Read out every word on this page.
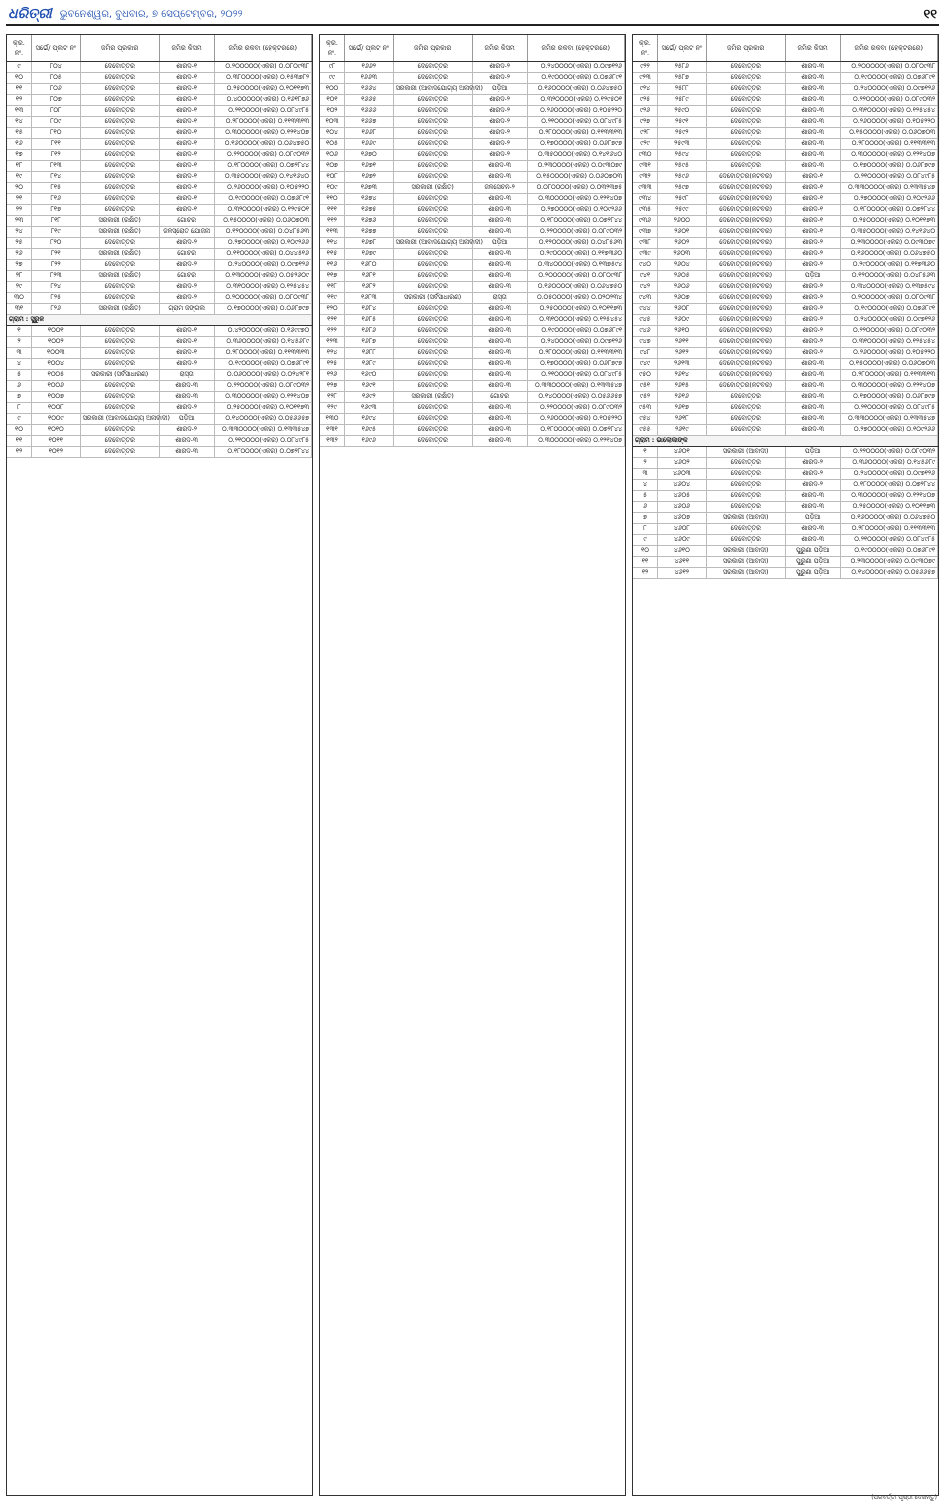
ଧରିତ୍ରୀ ଭୁବନେଶ୍ୱର, ବୁଧବାର, ୭ ସେପ୍ଟେମ୍ବର, ୨୦୨୨	୧୧
କ୍ର. ନଂ.	ସର୍ଭେ/ ପ୍ଲଟ ନଂ	ଜମିର ପ୍ରକାର	ଜମିର କିସମ	ଜମିର ରକବା (ହେକ୍ଟରରେ)
୯	୮୦୪	ଦେବୋତ୍ତର	ଶାରଦ-୧	୦.୨୦୦୦୦୦(ଏକର) ୦.୦୮୦୯୩୮
୧୦	୮୦୫	ଦେବୋତ୍ତର	ଶାରଦ-୧	୦.୩୮୦୦୦୦(ଏକର) ୦.୧୫୩୭୮୨
୧୧	୮୦୬	ଦେବୋତ୍ତର	ଶାରଦ-୧	୦.୨୫୦୦୦୦(ଏକର) ୦.୧୦୧୧୭୩
୧୨	୮୦୭	ଦେବୋତ୍ତର	ଶାରଦ-୧	୦.୪୦୦୦୦୦(ଏକର) ୦.୧୬୧୮୭୬
୧୩	୮୦୮	ଦେବୋତ୍ତର	ଶାରଦ-୧	୦.୨୧୦୦୦୦(ଏକର) ୦.୦୮୪୯୮୫
୧୪	୮୦୯	ଦେବୋତ୍ତର	ଶାରଦ-୧	୦.୨୮୦୦୦୦(ଏକର) ୦.୧୧୩୩୧୩
୧୫	୮୧୦	ଦେବୋତ୍ତର	ଶାରଦ-୧	୦.୩୦୦୦୦୦(ଏକର) ୦.୧୨୧୪୦୭
୧୬	୮୧୧	ଦେବୋତ୍ତର	ଶାରଦ-୧	୦.୧୬୦୦୦୦(ଏକର) ୦.୦୬୪୭୫୦
୧୭	୮୧୨	ଦେବୋତ୍ତର	ଶାରଦ-୧	୦.୨୨୦୦୦୦(ଏକର) ୦.୦୮୯୦୩୨
୧୮	୮୧୩	ଦେବୋତ୍ତର	ଶାରଦ-୧	୦.୧୮୦୦୦୦(ଏକର) ୦.୦୭୨୮୪୪
୧୯	୮୧୪	ଦେବୋତ୍ତର	ଶାରଦ-୧	୦.୩୫୦୦୦୦(ଏକର) ୦.୧୪୧୬୪୦
୨୦	୮୧୫	ଦେବୋତ୍ତର	ଶାରଦ-୧	୦.୨୬୦୦୦୦(ଏକର) ୦.୧୦୫୨୨୦
୨୧	୮୧୬	ଦେବୋତ୍ତର	ଶାରଦ-୧	୦.୧୯୦୦୦୦(ଏକର) ୦.୦୭୬୮୯୧
୨୨	୮୧୭	ଦେବୋତ୍ତର	ଶାରଦ-୧	୦.୩୨୦୦୦୦(ଏକର) ୦.୧୨୯୫୦୧
୨୩	୮୧୮	ସରକାରୀ (ରକ୍ଷିତ)	ଗୋଚର	୦.୧୫୦୦୦୦(ଏକର) ୦.୦୬୦୭୦୩
୨୪	୮୧୯	ସରକାରୀ (ରକ୍ଷିତ)	ଜଳସ୍ରୋତ ଯୋଜନା	୦.୧୨୦୦୦୦(ଏକର) ୦.୦୪୮୫୬୩
୨୫	୮୨୦	ଦେବୋତ୍ତର	ଶାରଦ-୨	୦.୨୭୦୦୦୦(ଏକର) ୦.୧୦୯୨୬୬
୨୬	୮୨୧	ସରକାରୀ (ରକ୍ଷିତ)	ଗୋଚର	୦.୧୧୦୦୦୦(ଏକର) ୦.୦୪୪୫୧୬
୨୭	୮୨୨	ଦେବୋତ୍ତର	ଶାରଦ-୨	୦.୨୪୦୦୦୦(ଏକର) ୦.୦୯୭୧୨୬
୨୮	୮୨୩	ସରକାରୀ (ରକ୍ଷିତ)	ଗୋଚର	୦.୧୩୦୦୦୦(ଏକର) ୦.୦୫୨୬୦୯
୨୯	୮୨୪	ଦେବୋତ୍ତର	ଶାରଦ-୨	୦.୩୧୦୦୦୦(ଏକର) ୦.୧୨୫୪୫୪
୩୦	୮୨୫	ଦେବୋତ୍ତର	ଶାରଦ-୨	୦.୨୦୦୦୦୦(ଏକର) ୦.୦୮୦୯୩୮
୩୧	୮୨୬	ସରକାରୀ (ରକ୍ଷିତ)	ଗ୍ରାମ ଜଙ୍ଗଲ	୦.୧୭୦୦୦୦(ଏକର) ୦.୦୬୮୭୯୭
ଗ୍ରାମ : ସୁରୁଳ				
୧	୧୦୦୧	ଦେବୋତ୍ତର	ଶାରଦ-୧	୦.୪୨୦୦୦୦(ଏକର) ୦.୧୬୯୯୭୦
୨	୧୦୦୨	ଦେବୋତ୍ତର	ଶାରଦ-୧	୦.୩୬୦୦୦୦(ଏକର) ୦.୧୪୫୬୮୯
୩	୧୦୦୩	ଦେବୋତ୍ତର	ଶାରଦ-୧	୦.୨୮୦୦୦୦(ଏକର) ୦.୧୧୩୩୧୩
୪	୧୦୦୪	ଦେବୋତ୍ତର	ଶାରଦ-୨	୦.୧୯୦୦୦୦(ଏକର) ୦.୦୭୬୮୯୧
୫	୧୦୦୫	ସରକାରୀ (ସର୍ବସାଧାରଣ)	ରାସ୍ତା	୦.୦୬୦୦୦୦(ଏକର) ୦.୦୨୪୨୮୧
୬	୧୦୦୬	ଦେବୋତ୍ତର	ଶାରଦ-୩	୦.୨୨୦୦୦୦(ଏକର) ୦.୦୮୯୦୩୨
୭	୧୦୦୭	ଦେବୋତ୍ତର	ଶାରଦ-୩	୦.୩୦୦୦୦୦(ଏକର) ୦.୧୨୧୪୦୭
୮	୧୦୦୮	ଦେବୋତ୍ତର	ଶାରଦ-୨	୦.୨୫୦୦୦୦(ଏକର) ୦.୧୦୧୧୭୩
୯	୧୦୦୯	ସରକାରୀ (ଆବାଦଯୋଗ୍ୟ ଅନାବାଦୀ)	ପଡ଼ିଆ	୦.୧୪୦୦୦୦(ଏକର) ୦.୦୫୬୬୫୭
୧୦	୧୦୧୦	ଦେବୋତ୍ତର	ଶାରଦ-୨	୦.୩୩୦୦୦୦(ଏକର) ୦.୧୩୩୫୪୭
୧୧	୧୦୧୧	ଦେବୋତ୍ତର	ଶାରଦ-୩	୦.୨୧୦୦୦୦(ଏକର) ୦.୦୮୪୯୮୫
୧୨	୧୦୧୨	ଦେବୋତ୍ତର	ଶାରଦ-୩	୦.୧୮୦୦୦୦(ଏକର) ୦.୦୭୨୮୪୪
କ୍ର. ନଂ.	ସର୍ଭେ/ ପ୍ଲଟ ନଂ	ଜମିର ପ୍ରକାର	ଜମିର କିସମ	ଜମିର ରକବା (ହେକ୍ଟରରେ)
୯୮	୧୬୬୨	ଦେବୋତ୍ତର	ଶାରଦ-୨	୦.୨୪୦୦୦୦(ଏକର) ୦.୦୯୭୧୨୬
୯୯	୧୬୬୩	ଦେବୋତ୍ତର	ଶାରଦ-୨	୦.୧୯୦୦୦୦(ଏକର) ୦.୦୭୬୮୯୧
୧୦୦	୧୬୬୪	ସରକାରୀ (ଆବାଦଯୋଗ୍ୟ ଅନାବାଦୀ)	ପଡ଼ିଆ	୦.୧୬୦୦୦୦(ଏକର) ୦.୦୬୪୭୫୦
୧୦୧	୧୬୬୫	ଦେବୋତ୍ତର	ଶାରଦ-୨	୦.୩୨୦୦୦୦(ଏକର) ୦.୧୨୯୫୦୧
୧୦୨	୧୬୬୬	ଦେବୋତ୍ତର	ଶାରଦ-୨	୦.୨୬୦୦୦୦(ଏକର) ୦.୧୦୫୨୨୦
୧୦୩	୧୬୬୭	ଦେବୋତ୍ତର	ଶାରଦ-୨	୦.୨୧୦୦୦୦(ଏକର) ୦.୦୮୪୯୮୫
୧୦୪	୧୬୬୮	ଦେବୋତ୍ତର	ଶାରଦ-୨	୦.୨୮୦୦୦୦(ଏକର) ୦.୧୧୩୩୧୩
୧୦୫	୧୬୬୯	ଦେବୋତ୍ତର	ଶାରଦ-୨	୦.୧୭୦୦୦୦(ଏକର) ୦.୦୬୮୭୯୭
୧୦୬	୧୬୭୦	ଦେବୋତ୍ତର	ଶାରଦ-୨	୦.୩୫୦୦୦୦(ଏକର) ୦.୧୪୧୬୪୦
୧୦୭	୧୬୭୧	ଦେବୋତ୍ତର	ଶାରଦ-୩	୦.୨୩୦୦୦୦(ଏକର) ୦.୦୯୩୦୭୯
୧୦୮	୧୬୭୨	ଦେବୋତ୍ତର	ଶାରଦ-୩	୦.୧୫୦୦୦୦(ଏକର) ୦.୦୬୦୭୦୩
୧୦୯	୧୬୭୩	ସରକାରୀ (ରକ୍ଷିତ)	ଜଳସେଚନ-୨	୦.୦୮୦୦୦୦(ଏକର) ୦.୦୩୨୩୭୫
୧୧୦	୧୬୭୪	ଦେବୋତ୍ତର	ଶାରଦ-୩	୦.୩୦୦୦୦୦(ଏକର) ୦.୧୨୧୪୦୭
୧୧୧	୧୬୭୫	ଦେବୋତ୍ତର	ଶାରଦ-୩	୦.୨୭୦୦୦୦(ଏକର) ୦.୧୦୯୨୬୬
୧୧୨	୧୬୭୬	ଦେବୋତ୍ତର	ଶାରଦ-୩	୦.୧୮୦୦୦୦(ଏକର) ୦.୦୭୨୮୪୪
୧୧୩	୧୬୭୭	ଦେବୋତ୍ତର	ଶାରଦ-୩	୦.୨୨୦୦୦୦(ଏକର) ୦.୦୮୯୦୩୨
୧୧୪	୧୬୭୮	ସରକାରୀ (ଆବାଦଯୋଗ୍ୟ ଅନାବାଦୀ)	ପଡ଼ିଆ	୦.୧୨୦୦୦୦(ଏକର) ୦.୦୪୮୫୬୩
୧୧୫	୧୬୭୯	ଦେବୋତ୍ତର	ଶାରଦ-୩	୦.୨୯୦୦୦୦(ଏକର) ୦.୧୧୭୩୬୦
୧୧୬	୧୬୮୦	ଦେବୋତ୍ତର	ଶାରଦ-୩	୦.୩୪୦୦୦୦(ଏକର) ୦.୧୩୭୫୯୪
୧୧୭	୧୬୮୧	ଦେବୋତ୍ତର	ଶାରଦ-୩	୦.୨୦୦୦୦୦(ଏକର) ୦.୦୮୦୯୩୮
୧୧୮	୧୬୮୨	ଦେବୋତ୍ତର	ଶାରଦ-୩	୦.୧୬୦୦୦୦(ଏକର) ୦.୦୬୪୭୫୦
୧୧୯	୧୬୮୩	ସରକାରୀ (ସର୍ବସାଧାରଣ)	ରାସ୍ତା	୦.୦୫୦୦୦୦(ଏକର) ୦.୦୨୦୨୩୪
୧୨୦	୧୬୮୪	ଦେବୋତ୍ତର	ଶାରଦ-୩	୦.୨୫୦୦୦୦(ଏକର) ୦.୧୦୧୧୭୩
୧୨୧	୧୬୮୫	ଦେବୋତ୍ତର	ଶାରଦ-୩	୦.୩୧୦୦୦୦(ଏକର) ୦.୧୨୫୪୫୪
୧୨୨	୧୬୮୬	ଦେବୋତ୍ତର	ଶାରଦ-୩	୦.୧୯୦୦୦୦(ଏକର) ୦.୦୭୬୮୯୧
୧୨୩	୧୬୮୭	ଦେବୋତ୍ତର	ଶାରଦ-୩	୦.୨୪୦୦୦୦(ଏକର) ୦.୦୯୭୧୨୬
୧୨୪	୧୬୮୮	ଦେବୋତ୍ତର	ଶାରଦ-୩	୦.୨୮୦୦୦୦(ଏକର) ୦.୧୧୩୩୧୩
୧୨୫	୧୬୮୯	ଦେବୋତ୍ତର	ଶାରଦ-୩	୦.୧୭୦୦୦୦(ଏକର) ୦.୦୬୮୭୯୭
୧୨୬	୧୬୯୦	ଦେବୋତ୍ତର	ଶାରଦ-୩	୦.୨୧୦୦୦୦(ଏକର) ୦.୦୮୪୯୮୫
୧୨୭	୧୬୯୧	ଦେବୋତ୍ତର	ଶାରଦ-୩	୦.୩୩୦୦୦୦(ଏକର) ୦.୧୩୩୫୪୭
୧୨୮	୧୬୯୨	ସରକାରୀ (ରକ୍ଷିତ)	ଗୋଚର	୦.୧୪୦୦୦୦(ଏକର) ୦.୦୫୬୬୫୭
୧୨୯	୧୬୯୩	ଦେବୋତ୍ତର	ଶାରଦ-୩	୦.୨୨୦୦୦୦(ଏକର) ୦.୦୮୯୦୩୨
୧୩୦	୧୬୯୪	ଦେବୋତ୍ତର	ଶାରଦ-୩	୦.୨୬୦୦୦୦(ଏକର) ୦.୧୦୫୨୨୦
୧୩୧	୧୬୯୫	ଦେବୋତ୍ତର	ଶାରଦ-୩	୦.୧୮୦୦୦୦(ଏକର) ୦.୦୭୨୮୪୪
୧୩୨	୧୬୯୬	ଦେବୋତ୍ତର	ଶାରଦ-୩	୦.୩୦୦୦୦୦(ଏକର) ୦.୧୨୧୪୦୭
କ୍ର. ନଂ.	ସର୍ଭେ/ ପ୍ଲଟ ନଂ	ଜମିର ପ୍ରକାର	ଜମିର କିସମ	ଜମିର ରକବା (ହେକ୍ଟରରେ)
୯୨୨	୨୫୮୬	ଦେବୋତ୍ତର	ଶାରଦ-୩	୦.୨୦୦୦୦୦(ଏକର) ୦.୦୮୦୯୩୮
୯୨୩	୨୫୮୭	ଦେବୋତ୍ତର	ଶାରଦ-୩	୦.୧୯୦୦୦୦(ଏକର) ୦.୦୭୬୮୯୧
୯୨୪	୨୫୮୮	ଦେବୋତ୍ତର	ଶାରଦ-୩	୦.୨୪୦୦୦୦(ଏକର) ୦.୦୯୭୧୨୬
୯୨୫	୨୫୮୯	ଦେବୋତ୍ତର	ଶାରଦ-୩	୦.୨୨୦୦୦୦(ଏକର) ୦.୦୮୯୦୩୨
୯୨୬	୨୫୯୦	ଦେବୋତ୍ତର	ଶାରଦ-୩	୦.୩୧୦୦୦୦(ଏକର) ୦.୧୨୫୪୫୪
୯୨୭	୨୫୯୧	ଦେବୋତ୍ତର	ଶାରଦ-୩	୦.୨୬୦୦୦୦(ଏକର) ୦.୧୦୫୨୨୦
୯୨୮	୨୫୯୨	ଦେବୋତ୍ତର	ଶାରଦ-୩	୦.୧୫୦୦୦୦(ଏକର) ୦.୦୬୦୭୦୩
୯୨୯	୨୫୯୩	ଦେବୋତ୍ତର	ଶାରଦ-୩	୦.୨୮୦୦୦୦(ଏକର) ୦.୧୧୩୩୧୩
୯୩୦	୨୫୯୪	ଦେବୋତ୍ତର	ଶାରଦ-୩	୦.୩୦୦୦୦୦(ଏକର) ୦.୧୨୧୪୦୭
୯୩୧	୨୫୯୫	ଦେବୋତ୍ତର	ଶାରଦ-୩	୦.୧୭୦୦୦୦(ଏକର) ୦.୦୬୮୭୯୭
୯୩୨	୨୫୯୬	ଦେବୋତ୍ତର(ନଟବର)	ଶାରଦ-୧	୦.୨୧୦୦୦୦(ଏକର) ୦.୦୮୪୯୮୫
୯୩୩	୨୫୯୭	ଦେବୋତ୍ତର(ନଟବର)	ଶାରଦ-୧	୦.୩୩୦୦୦୦(ଏକର) ୦.୧୩୩୫୪୭
୯୩୪	୨୫୯୮	ଦେବୋତ୍ତର(ନଟବର)	ଶାରଦ-୧	୦.୨୭୦୦୦୦(ଏକର) ୦.୧୦୯୨୬୬
୯୩୫	୨୫୯୯	ଦେବୋତ୍ତର(ନଟବର)	ଶାରଦ-୧	୦.୧୮୦୦୦୦(ଏକର) ୦.୦୭୨୮୪୪
୯୩୬	୨୬୦୦	ଦେବୋତ୍ତର(ନଟବର)	ଶାରଦ-୧	୦.୨୫୦୦୦୦(ଏକର) ୦.୧୦୧୧୭୩
୯୩୭	୨୬୦୧	ଦେବୋତ୍ତର(ନଟବର)	ଶାରଦ-୧	୦.୩୫୦୦୦୦(ଏକର) ୦.୧୪୧୬୪୦
୯୩୮	୨୬୦୨	ଦେବୋତ୍ତର(ନଟବର)	ଶାରଦ-୨	୦.୨୩୦୦୦୦(ଏକର) ୦.୦୯୩୦୭୯
୯୩୯	୨୬୦୩	ଦେବୋତ୍ତର(ନଟବର)	ଶାରଦ-୨	୦.୧୬୦୦୦୦(ଏକର) ୦.୦୬୪୭୫୦
୯୪୦	୨୬୦୪	ଦେବୋତ୍ତର(ନଟବର)	ଶାରଦ-୨	୦.୨୯୦୦୦୦(ଏକର) ୦.୧୧୭୩୬୦
୯୪୧	୨୬୦୫	ଦେବୋତ୍ତର(ନଟବର)	ପଡ଼ିଆ	୦.୧୨୦୦୦୦(ଏକର) ୦.୦୪୮୫୬୩
୯୪୨	୨୬୦୬	ଦେବୋତ୍ତର(ନଟବର)	ଶାରଦ-୨	୦.୩୪୦୦୦୦(ଏକର) ୦.୧୩୭୫୯୪
୯୪୩	୨୬୦୭	ଦେବୋତ୍ତର(ନଟବର)	ଶାରଦ-୨	୦.୨୦୦୦୦୦(ଏକର) ୦.୦୮୦୯୩୮
୯୪୪	୨୬୦୮	ଦେବୋତ୍ତର(ନଟବର)	ଶାରଦ-୨	୦.୧୯୦୦୦୦(ଏକର) ୦.୦୭୬୮୯୧
୯୪୫	୨୬୦୯	ଦେବୋତ୍ତର(ନଟବର)	ଶାରଦ-୨	୦.୨୪୦୦୦୦(ଏକର) ୦.୦୯୭୧୨୬
୯୪୬	୨୬୧୦	ଦେବୋତ୍ତର(ନଟବର)	ଶାରଦ-୨	୦.୨୨୦୦୦୦(ଏକର) ୦.୦୮୯୦୩୨
୯୪୭	୨୬୧୧	ଦେବୋତ୍ତର(ନଟବର)	ଶାରଦ-୨	୦.୩୧୦୦୦୦(ଏକର) ୦.୧୨୫୪୫୪
୯୪୮	୨୬୧୨	ଦେବୋତ୍ତର(ନଟବର)	ଶାରଦ-୨	୦.୨୬୦୦୦୦(ଏକର) ୦.୧୦୫୨୨୦
୯୪୯	୨୬୧୩	ଦେବୋତ୍ତର(ନଟବର)	ଶାରଦ-୩	୦.୧୫୦୦୦୦(ଏକର) ୦.୦୬୦୭୦୩
୯୫୦	୨୬୧୪	ଦେବୋତ୍ତର(ନଟବର)	ଶାରଦ-୩	୦.୨୮୦୦୦୦(ଏକର) ୦.୧୧୩୩୧୩
୯୫୧	୨୬୧୫	ଦେବୋତ୍ତର(ନଟବର)	ଶାରଦ-୩	୦.୩୦୦୦୦୦(ଏକର) ୦.୧୨୧୪୦୭
୯୫୨	୨୬୧୬	ଦେବୋତ୍ତର	ଶାରଦ-୩	୦.୧୭୦୦୦୦(ଏକର) ୦.୦୬୮୭୯୭
୯୫୩	୨୬୧୭	ଦେବୋତ୍ତର	ଶାରଦ-୩	୦.୨୧୦୦୦୦(ଏକର) ୦.୦୮୪୯୮୫
୯୫୪	୨୬୧୮	ଦେବୋତ୍ତର	ଶାରଦ-୩	୦.୩୩୦୦୦୦(ଏକର) ୦.୧୩୩୫୪୭
୯୫୫	୨୬୧୯	ଦେବୋତ୍ତର	ଶାରଦ-୩	୦.୨୭୦୦୦୦(ଏକର) ୦.୧୦୯୨୬୬
ଗ୍ରାମ : ଭାଲୋକାଙ୍କ				
୧	୪୬୦୧	ସରକାରୀ (ଆବାଦୀ)	ପଡ଼ିଆ	୦.୨୨୦୦୦୦(ଏକର) ୦.୦୮୯୦୩୨
୨	୪୬୦୨	ଦେବୋତ୍ତର	ଶାରଦ-୨	୦.୩୬୦୦୦୦(ଏକର) ୦.୧୪୫୬୮୯
୩	୪୬୦୩	ଦେବୋତ୍ତର	ଶାରଦ-୨	୦.୨୪୦୦୦୦(ଏକର) ୦.୦୯୭୧୨୬
୪	୪୬୦୪	ଦେବୋତ୍ତର	ଶାରଦ-୨	୦.୧୮୦୦୦୦(ଏକର) ୦.୦୭୨୮୪୪
୫	୪୬୦୫	ଦେବୋତ୍ତର	ଶାରଦ-୩	୦.୩୦୦୦୦୦(ଏକର) ୦.୧୨୧୪୦୭
୬	୪୬୦୬	ଦେବୋତ୍ତର	ଶାରଦ-୩	୦.୨୫୦୦୦୦(ଏକର) ୦.୧୦୧୧୭୩
୭	୪୬୦୭	ସରକାରୀ (ଆବାଦୀ)	ପଡ଼ିଆ	୦.୧୬୦୦୦୦(ଏକର) ୦.୦୬୪୭୫୦
୮	୪୬୦୮	ଦେବୋତ୍ତର	ଶାରଦ-୩	୦.୨୮୦୦୦୦(ଏକର) ୦.୧୧୩୩୧୩
୯	୪୬୦୯	ଦେବୋତ୍ତର	ଶାରଦ-୩	୦.୨୧୦୦୦୦(ଏକର) ୦.୦୮୪୯୮୫
୧୦	୪୬୧୦	ସରକାରୀ (ଆବାଦୀ)	ପୁରୁଣା ପଡ଼ିଆ	୦.୧୯୦୦୦୦(ଏକର) ୦.୦୭୬୮୯୧
୧୧	୪୬୧୧	ସରକାରୀ (ଆବାଦୀ)	ପୁରୁଣା ପଡ଼ିଆ	୦.୨୩୦୦୦୦(ଏକର) ୦.୦୯୩୦୭୯
୧୨	୪୬୧୨	ସରକାରୀ (ଆବାଦୀ)	ପୁରୁଣା ପଡ଼ିଆ	୦.୧୪୦୦୦୦(ଏକର) ୦.୦୫୬୬୫୭
(ପରବର୍ତ୍ତୀ ପୃଷ୍ଠା ଦେଖନ୍ତୁ)
